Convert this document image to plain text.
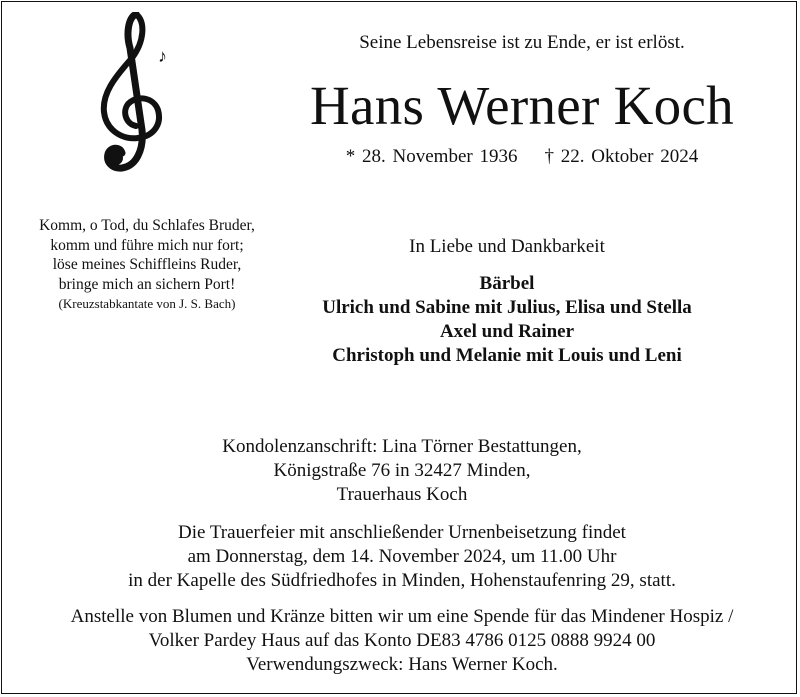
♪
Seine Lebensreise ist zu Ende, er ist erlöst.
Hans Werner Koch
* 28. November 1936 † 22. Oktober 2024
Komm, o Tod, du Schlafes Bruder,
komm und führe mich nur fort;
löse meines Schiffleins Ruder,
bringe mich an sichern Port!
(Kreuzstabkantate von J. S. Bach)
In Liebe und Dankbarkeit
Bärbel
Ulrich und Sabine mit Julius, Elisa und Stella
Axel und Rainer
Christoph und Melanie mit Louis und Leni
Kondolenzanschrift: Lina Törner Bestattungen,
Königstraße 76 in 32427 Minden,
Trauerhaus Koch
Die Trauerfeier mit anschließender Urnenbeisetzung findet
am Donnerstag, dem 14. November 2024, um 11.00 Uhr
in der Kapelle des Südfriedhofes in Minden, Hohenstaufenring 29, statt.
Anstelle von Blumen und Kränze bitten wir um eine Spende für das Mindener Hospiz /
Volker Pardey Haus auf das Konto DE83 4786 0125 0888 9924 00
Verwendungszweck: Hans Werner Koch.
